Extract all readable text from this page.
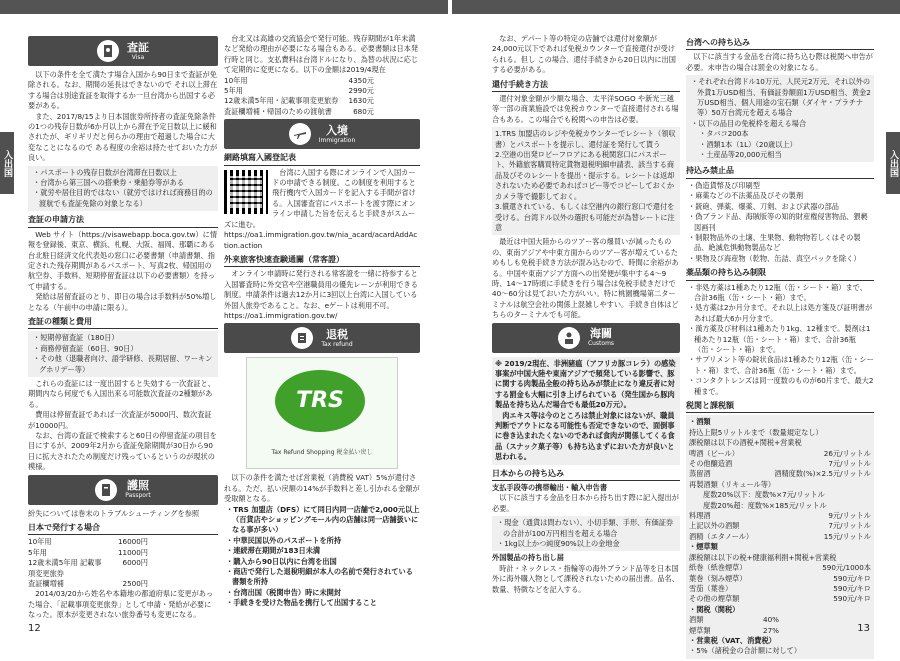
入出国
査証
Visa

以下の条件を全て満たす場合入国から90日まで査証が免除される。なお、期間の延長はできないので それ以上滞在する場合は別途査証を取得するか一旦台湾から出国する必要がある。

また、2017/8/15より日本国旅券所持者の査証免除条件の1つの残存日数が6か月以上から滞在予定日数以上に緩和されたが、ギリギリだと何らかの理由で超過した場合に大変なことになるので ある程度の余裕は持たせておいた方が良い。

・ パスポートの残存日数が台湾滞在日数以上
・ 台湾から第三国への搭乗券・乗船券等がある
・ 就労や居住目的ではない（就労ではければ商務目的の渡航でも査証免除の対象となる）
査証の申請方法

Web サイト（https://visawebapp.boca.gov.tw）に情報を登録後、東京、横浜、札幌、大阪、福岡、那覇にある台北駐日経済文化代表処の窓口に必要書類（申請書類、指定された残存期間があるパスポート、写真2枚、帰国用の航空券、手数料、短期停留査証は以下の必要書類）を持って申請する。

発給は居留査証のとり、即日の場合は手数料が50%増しとなる（午前中の申請に限る）。

査証の種類と費用
・ 短期停留査証（180日）
・ 商務停留査証（60日、90日）
・ その他（退職者向け、語学研修、長期居留、ワーキングホリデー等）

これらの査証には一度出国すると失効する一次査証と、期間内なら何度でも入国出来る可能数次査証の2種類がある。

費用は停留査証であれば一次査証が5000円、数次査証が10000円。

なお、台湾の査証で検索すると60日の停留査証の項目を目にするが、2009年2月から査証免除期間が30日から90日に拡大されたため制度だけ残っているというのが現状の模様。

護照
Passport
紛失については巻末のトラブルシューティングを参照
日本で発行する場合
10年用	16000円
5年用	11000円
12歳未満5年用 記載事項変更旅券
6000円
査証欄増補	2500円

2014/03/20から姓名や本籍地の都道府県に変更があった場合、「記載事項変更旅券」として申請・発給が必要になった。原本が変更されない旅券番号も変更になる。

台北又は高雄の交流協会で発行可能。残存期間が1年未満など発給の理由が必要になる場合もある。必要書類は日本発行時と同じ。支払費料は台湾ドルになり、為替の状況に応じて定期的に変更になる。以下の金額は2019/4現在

10年用	4350元
5年用	2990元
12歳未満5年用・記載事項変更旅券 1630元
査証欄増補・帰国のための渡航書	680元
入境
Immigration
網路填寫入國登記表

台湾に入国する際にオンラインで入国カードの申請できる制度。この制度を利用すると飛行機内で入国カードを記入する手間が省ける。入国審査官にパスポートを渡す際にオンライン申請した旨を伝えると手続きがスムーズに進む。

https://oa1.immigration.gov.tw/nia_acard/acardAddAction.action
外来旅客快速查験通關（常客證）

オンライン申請時に発行される常客證を一緒に持参すると入国審査時に外交官や空港職員用の優先レーンが利用できる制度。申請条件は過去12か月に3回以上台湾に入国している外国人旅券であること。なお、eゲートは利用不可。

https://oa1.immigration.gov.tw/
退税
Tax refund
TRS
Tax Refund Shopping 税金払い戻し

以下の条件を満たせば営業税（消費税 VAT）5%が還付される。ただ、払い戻額の14%が手数料と差し引かれる金額が受取額となる。

・ TRS 加盟店（DFS）にて同日内同一店舗で2,000元以上（百貨店やショッピングモール内の店舗は同一店舗扱いになる事が多い）
・ 中華民国以外のパスポートを所持
・ 連続滞在期間が183日未満
・ 購入から90日以内に台湾を出国
・ 商店で発行した退稅明細が本人の名前で発行されている書類を所持
・ 台湾出国（税関申告）時に未開封
・ 手続きを受けた物品を携行して出国すること
12
入出国

なお、デパート等の特定の店舗では還付対象額が24,000元以下であれば免税カウンターで直接還付が受けられる。但し この場合、還付手続きから20日以内に出国する必要がある。

還付手続き方法

還付対象金額が少額な場合、太平洋SOGO や新光三越等一部の商業施設では免税カウンターで直接還付される場合もある。この場合でも税関への申告は必要。

1.TRS 加盟店のレジや免税カウンターでレシート（領収書）とパスポートを提示し、還付証を発行して貰う
2.空港の出発ロビーフロアにある税関窓口にパスポート、外籍旅客購買特定貨物退税明細申請表、該当する商品及びそのレシートを提出・提示する。レシートは返却されないため必要であればコピー等でコピーしておくかカメラ等で撮影しておく。
3.償還されている、もしくは空港内の銀行窓口で還付を受ける。台湾ドル以外の選択も可能だが為替レートに注意

最近は中国大陸からのツアー客の爆買いが減ったものの、東南アジアや中東方面からのツアー客が増えているためもしも免税手続き方法が混み込むので、時間に余裕がある。中国や東南アジア方面への出発便が集中する4〜9時、14〜17時頃に手続きを行う場合は免税手続きだけで40〜60分は見ておいた方がいい。特に桃園機場第二ターミナルは航空会社の関係上混雑しやすい。手続き自体はどちらのターミナルでも可能。

海關
Customs
※ 2019/2現在、非洲豬瘟（アフリカ豚コレラ）の感染事案が中国大陸や東南アジアで頻発している影響で、豚に関する肉製品全般の持ち込みが禁止になり違反者に対する罰金も大幅に引き上げられている（発生国から豚肉製品を持ち込んだ場合でも最低20万元）。
肉エキス等は今のところは禁止対象にはないが、職員判断でアウトになる可能性も否定できないので、面倒事に巻き込まれたくないのであれば食肉が関係してくる食品（スナック菓子等）も持ち込まずにおいた方が良いと思われる。
日本からの持ち込み
支払手段等の携帯輸出・輸入申告書

以下に該当する金品を日本から持ち出す際に記入提出が必要。

・ 現金（通貨は問わない）、小切手類、手形、有価証券の合計が100万円相当を超える場合
・ 1kg以上かつ純度90%以上の金地金
外国製品の持ち出し届

時計・ネックレス・指輪等の海外ブランド品等を日本国外に海外購入物として課税されないための届出書。品名、数量、特徴などを記入する。

台湾への持ち込み

以下に該当する金品を台湾に持ち込む際は税関へ申告が必要。未申告の場合は罰金の対象になる。

・ それぞれ台湾ドル10万元、人民元2万元、それ以外の外貨1万USD相当、有価証券額面1万USD相当、黄金2万USD相当、個人用途の宝石類（ダイヤ・プラチナ等）50万台湾元を超える場合
・ 以下の品目の免税枠を超える場合
・ タバコ200本
・ 酒類1本（1L）（20歳以上）
・ 土産品等20,000元相当
持込み禁止品
・ 偽造貨幣及び印刷型
・ 麻薬などの不法薬品及びその製剤
・ 銃砲、弾薬、爆薬、刀剣、および武器の部品
・ 偽ブランド品、海賊版等の知的財産権侵害物品、猥褻図画刊
・ 制限物品外の土壌、生果物、動物物若しくはその製品、絶滅危惧動物製品など
・ 果物及び海産物（乾物、缶詰、真空パックを除く）
薬品類の持ち込み制限
・ 非処方薬は1種あたり12瓶（缶・シート・箱）まで、合計36瓶（缶・シート・箱）まで。
・ 処方薬は2か月分まで。それ以上は処方箋及び証明書があれば最大6か月分まで。
・ 漢方薬及び材料は1種あたり1kg、12種まで。製剤は1種あたり12瓶（缶・シート・箱）まで、合計36瓶（缶・シート・箱）まで。
・ サプリメント等の錠状食品は1種あたり12瓶（缶・シート・箱）まで、合計36瓶（缶・シート・箱）まで。
・ コンタクトレンズは同一度数のものが60片まで、最大2種まで。
税関と課税額
・酒類
持込上限5リットルまで（数量規定なし）
課税額は以下の酒税+関税+営業税
啤酒（ビール）	26元/リットル
その他醸造酒	7元/リットル
蒸留酒	酒精度数(%)×2.5元/リットル
再製酒類（リキュール等）
度数20%以下：度数%×7元/リットル
度数20%超：度数%×185元/リットル
料理酒	9元/リットル
上記以外の酒類	7元/リットル
酒精（エタノール）	15元/リットル
・煙草類
課税額は以下の税+健康福利捐+関税+営業税
紙巻（紙巻煙草）	590元/1000本
葉巻（刻み煙草）	590元/キロ
雪茄（葉巻）	590元/キロ
その他の煙草類	590元/キロ
・関税（関税）
酒類	40%
煙草類	27%
・営業税（VAT、消費税）
・5%（諸税金の合計額に対して）
13
